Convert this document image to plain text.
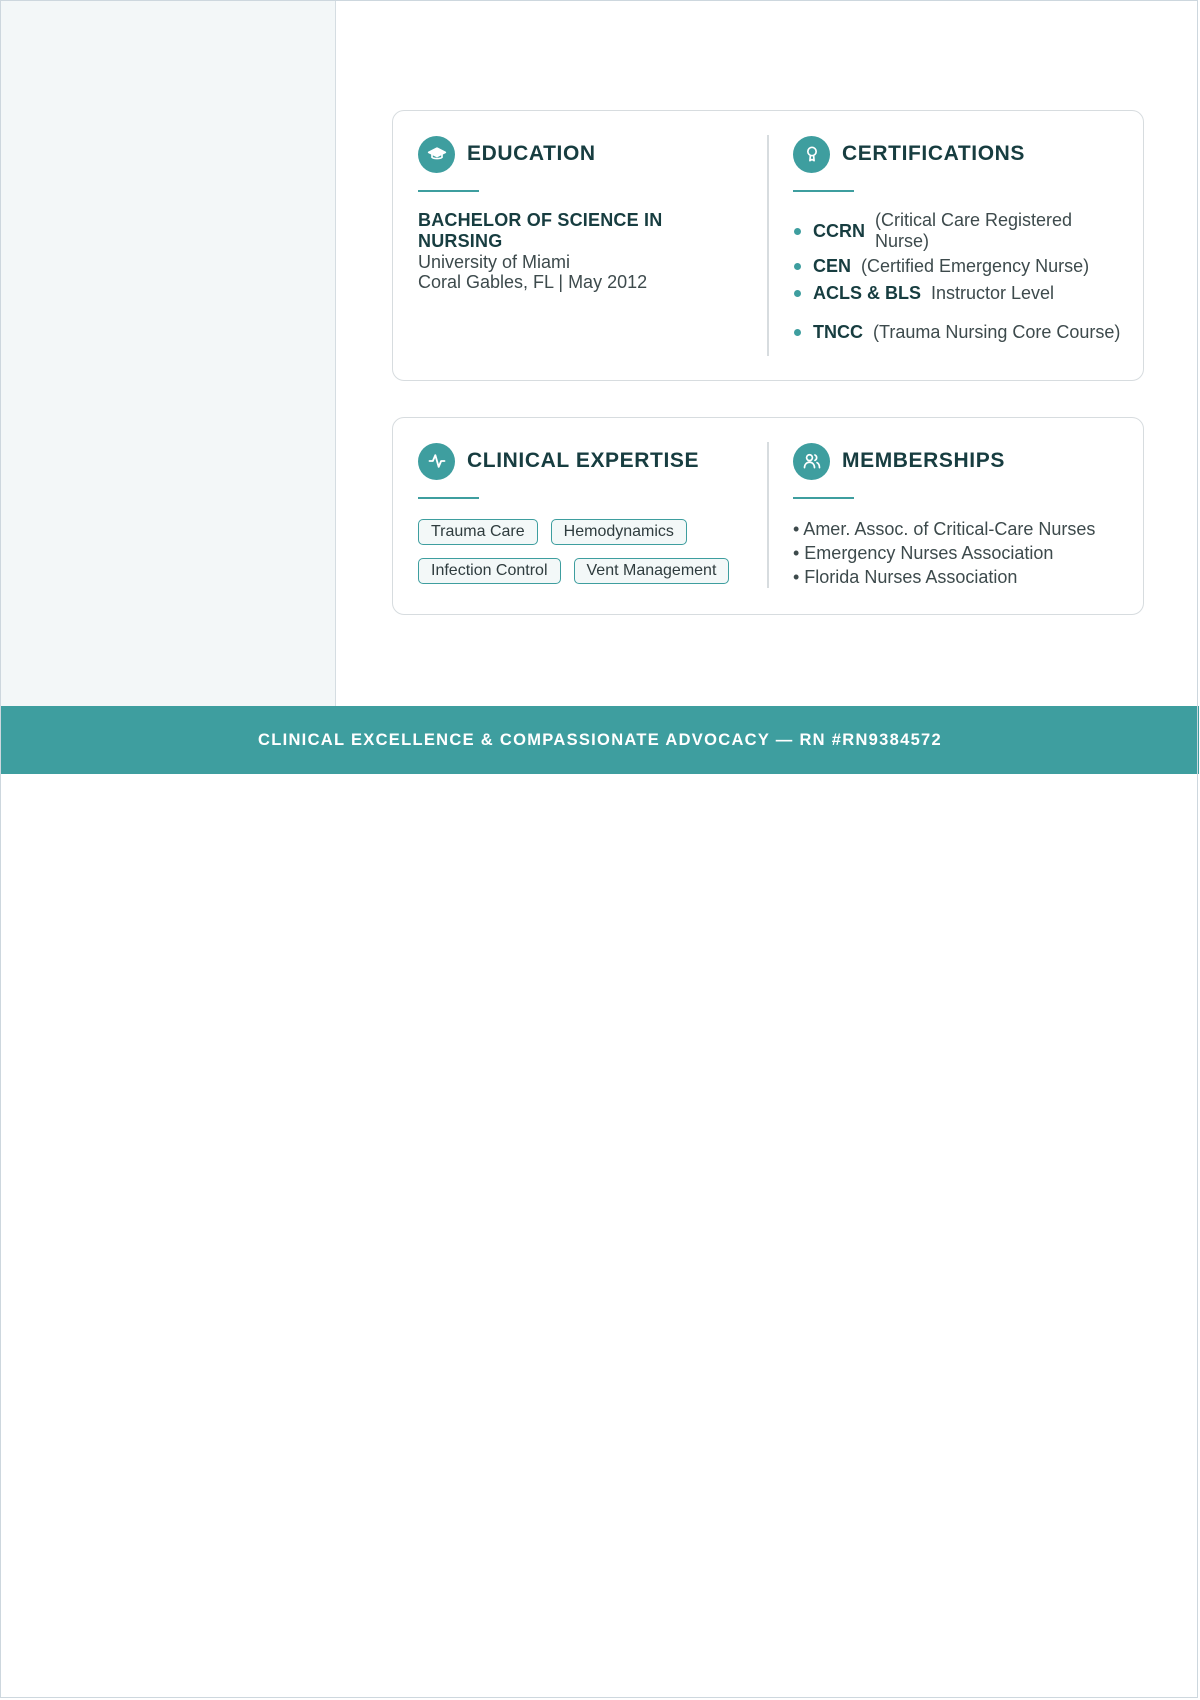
EDUCATION
BACHELOR OF SCIENCE IN NURSING
University of Miami
Coral Gables, FL | May 2012
CERTIFICATIONS
CCRN
(Critical Care Registered Nurse)
CEN (Certified Emergency Nurse)
ACLS & BLS Instructor Level
TNCC (Trauma Nursing Core Course)
CLINICAL EXPERTISE
Trauma Care	Hemodynamics
Infection Control	Vent Management
MEMBERSHIPS
• Amer. Assoc. of Critical-Care Nurses
• Emergency Nurses Association
• Florida Nurses Association
CLINICAL EXCELLENCE & COMPASSIONATE ADVOCACY — RN #RN9384572
